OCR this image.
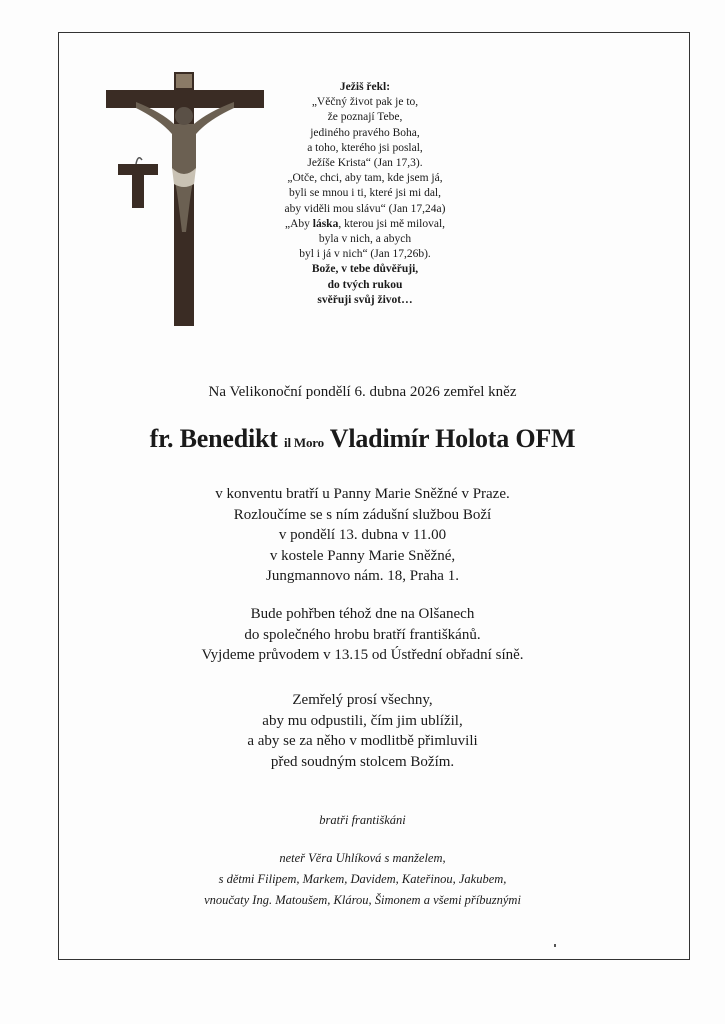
Ježiš řekl:
„Věčný život pak je to,
že poznají Tebe,
jediného pravého Boha,
a toho, kterého jsi poslal,
Ježíše Krista“ (Jan 17,3).
„Otče, chci, aby tam, kde jsem já,
byli se mnou i ti, které jsi mi dal,
aby viděli mou slávu“ (Jan 17,24a)
„Aby láska, kterou jsi mě miloval,
byla v nich, a abych
byl i já v nich“ (Jan 17,26b).
Bože, v tebe důvěřuji,
do tvých rukou
svěřuji svůj život…
Na Velikonoční pondělí 6. dubna 2026 zemřel kněz
fr. Benedikt il Moro Vladimír Holota OFM
v konventu bratří u Panny Marie Sněžné v Praze.
Rozloučíme se s ním zádušní službou Boží
v pondělí 13. dubna v 11.00
v kostele Panny Marie Sněžné,
Jungmannovo nám. 18, Praha 1.
Bude pohřben téhož dne na Olšanech
do společného hrobu bratří františkánů.
Vyjdeme průvodem v 13.15 od Ústřední obřadní síně.
Zemřelý prosí všechny,
aby mu odpustili, čím jim ublížil,
a aby se za něho v modlitbě přimluvili
před soudným stolcem Božím.
bratři františkáni
neteř Věra Uhlíková s manželem,
s dětmi Filipem, Markem, Davidem, Kateřinou, Jakubem,
vnoučaty Ing. Matoušem, Klárou, Šimonem a všemi příbuznými
